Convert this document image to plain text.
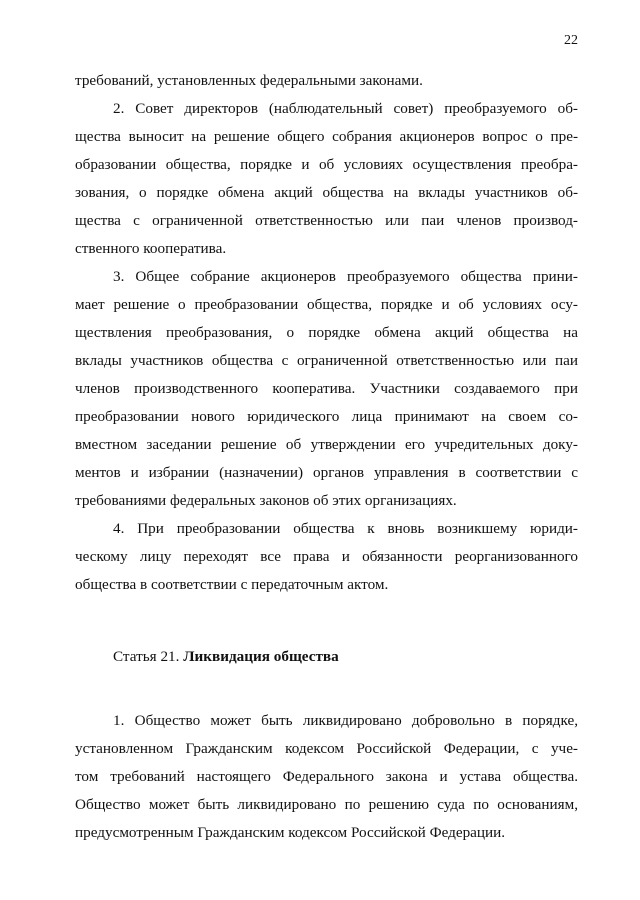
22
требований, установленных федеральными законами.
2. Совет директоров (наблюдательный совет) преобразуемого об-
щества выносит на решение общего собрания акционеров вопрос о пре-
образовании общества, порядке и об условиях осуществления преобра-
зования, о порядке обмена акций общества на вклады участников об-
щества с ограниченной ответственностью или паи членов производ-
ственного кооператива.
3. Общее собрание акционеров преобразуемого общества прини-
мает решение о преобразовании общества, порядке и об условиях осу-
ществления преобразования, о порядке обмена акций общества на
вклады участников общества с ограниченной ответственностью или паи
членов производственного кооператива. Участники создаваемого при
преобразовании нового юридического лица принимают на своем со-
вместном заседании решение об утверждении его учредительных доку-
ментов и избрании (назначении) органов управления в соответствии с
требованиями федеральных законов об этих организациях.
4. При преобразовании общества к вновь возникшему юриди-
ческому лицу переходят все права и обязанности реорганизованного
общества в соответствии с передаточным актом.
Статья 21. Ликвидация общества
1. Общество может быть ликвидировано добровольно в порядке,
установленном Гражданским кодексом Российской Федерации, с уче-
том требований настоящего Федерального закона и устава общества.
Общество может быть ликвидировано по решению суда по основаниям,
предусмотренным Гражданским кодексом Российской Федерации.
